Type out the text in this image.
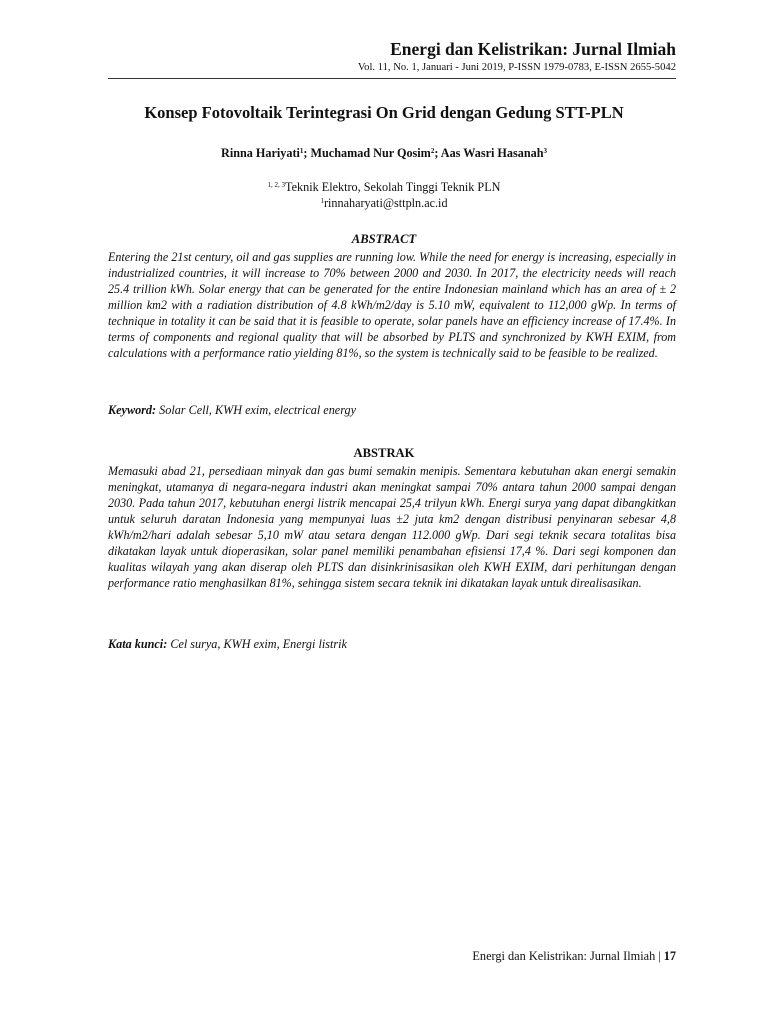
Energi dan Kelistrikan: Jurnal Ilmiah
Vol. 11, No. 1, Januari - Juni 2019, P-ISSN 1979-0783, E-ISSN 2655-5042
Konsep Fotovoltaik Terintegrasi On Grid dengan Gedung STT-PLN
Rinna Hariyati$^1$; Muchamad Nur Qosim$^2$; Aas Wasri Hasanah$^3$
$^{1, 2, 3}$Teknik Elektro, Sekolah Tinggi Teknik PLN
$^1$rinnaharyati@sttpln.ac.id
ABSTRACT
Entering the 21st century, oil and gas supplies are running low. While the need for energy is increasing, especially in industrialized countries, it will increase to 70% between 2000 and 2030. In 2017, the electricity needs will reach 25.4 trillion kWh. Solar energy that can be generated for the entire Indonesian mainland which has an area of ± 2 million km2 with a radiation distribution of 4.8 kWh/m2/day is 5.10 mW, equivalent to 112,000 gWp. In terms of technique in totality it can be said that it is feasible to operate, solar panels have an efficiency increase of 17.4%. In terms of components and regional quality that will be absorbed by PLTS and synchronized by KWH EXIM, from calculations with a performance ratio yielding 81%, so the system is technically said to be feasible to be realized.
Keyword: Solar Cell, KWH exim, electrical energy
ABSTRAK
Memasuki abad 21, persediaan minyak dan gas bumi semakin menipis. Sementara kebutuhan akan energi semakin meningkat, utamanya di negara-negara industri akan meningkat sampai 70% antara tahun 2000 sampai dengan 2030. Pada tahun 2017, kebutuhan energi listrik mencapai 25,4 trilyun kWh. Energi surya yang dapat dibangkitkan untuk seluruh daratan Indonesia yang mempunyai luas ±2 juta km2 dengan distribusi penyinaran sebesar 4,8 kWh/m2/hari adalah sebesar 5,10 mW atau setara dengan 112.000 gWp. Dari segi teknik secara totalitas bisa dikatakan layak untuk dioperasikan, solar panel memiliki penambahan efisiensi 17,4 %. Dari segi komponen dan kualitas wilayah yang akan diserap oleh PLTS dan disinkrinisasikan oleh KWH EXIM, dari perhitungan dengan performance ratio menghasilkan 81%, sehingga sistem secara teknik ini dikatakan layak untuk direalisasikan.
Kata kunci: Cel surya, KWH exim, Energi listrik
Energi dan Kelistrikan: Jurnal Ilmiah | 17
